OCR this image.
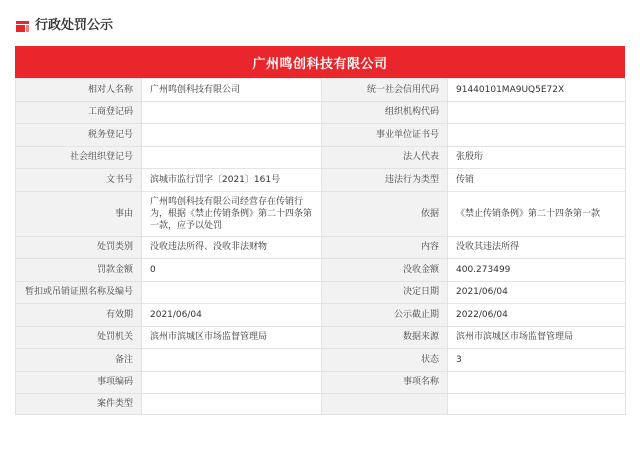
行政处罚公示
广州鸣创科技有限公司
相对人名称	广州鸣创科技有限公司	统一社会信用代码	91440101MA9UQ5E72X
工商登记码		组织机构代码	
税务登记号		事业单位证书号	
社会组织登记号		法人代表	张殷珩
文书号	滨城市监行罚字〔2021〕161号	违法行为类型	传销
事由	广州鸣创科技有限公司经营存在传销行为，根据《禁止传销条例》第二十四条第一款，应予以处罚	依据	《禁止传销条例》第二十四条第一款
处罚类别	没收违法所得、没收非法财物	内容	没收其违法所得
罚款金额	0	没收金额	400.273499
暂扣或吊销证照名称及编号		决定日期	2021/06/04
有效期	2021/06/04	公示截止期	2022/06/04
处罚机关	滨州市滨城区市场监督管理局	数据来源	滨州市滨城区市场监督管理局
备注		状态	3
事项编码		事项名称	
案件类型			
